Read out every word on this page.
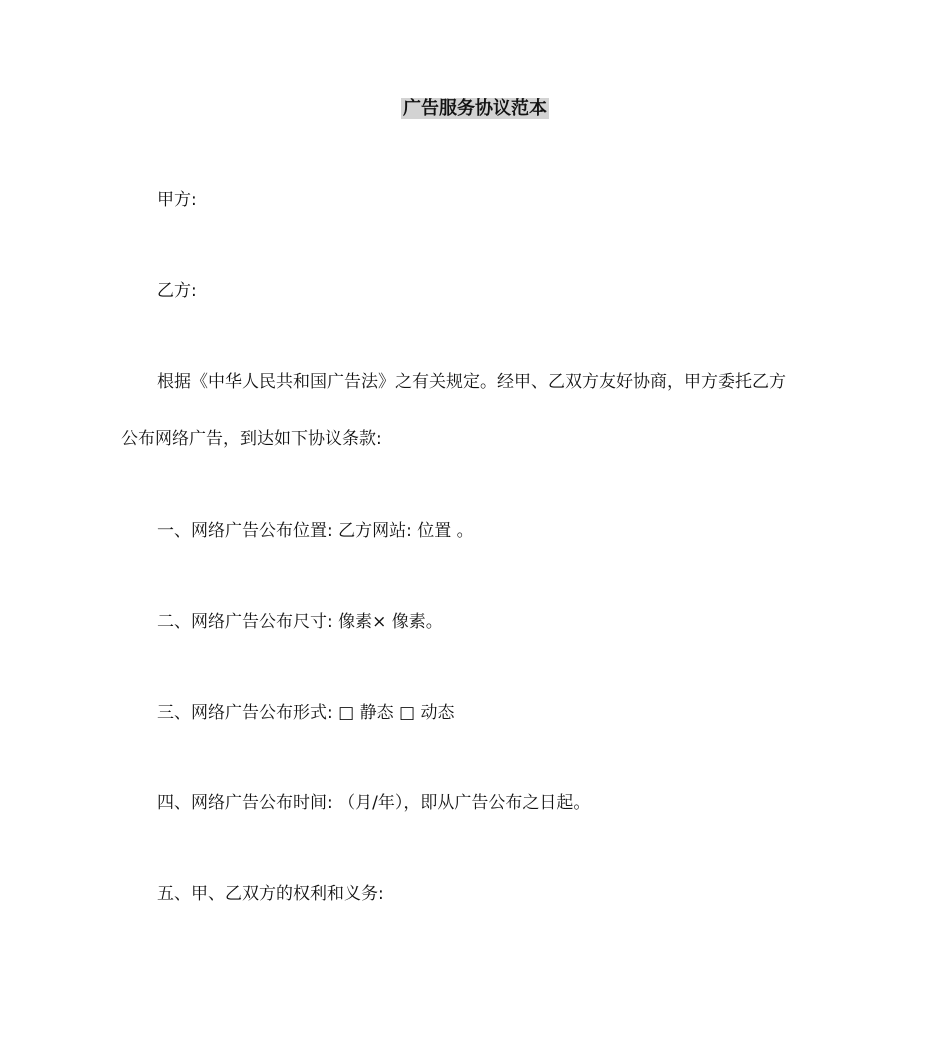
广告服务协议范本
甲方:
乙方:
根据《中华人民共和国广告法》之有关规定。经甲、乙双方友好协商，甲方委托乙方
公布网络广告，到达如下协议条款:
一、网络广告公布位置: 乙方网站: 位置 。
二、网络广告公布尺寸: 像素× 像素。
三、网络广告公布形式: □ 静态 □ 动态
四、网络广告公布时间: （月/年），即从广告公布之日起。
五、甲、乙双方的权利和义务:
